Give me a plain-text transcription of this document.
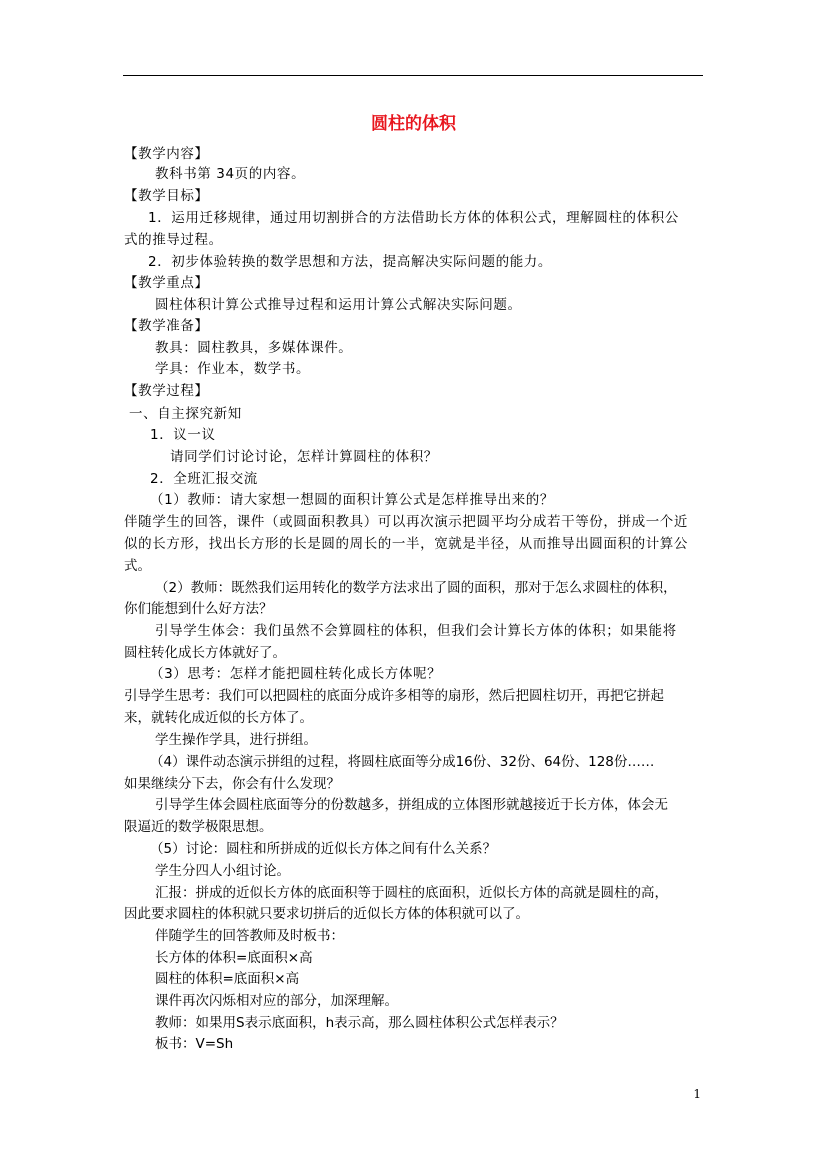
圆柱的体积
【教学内容】
教科书第 34页的内容。
【教学目标】
1．运用迁移规律，通过用切割拼合的方法借助长方体的体积公式，理解圆柱的体积公
式的推导过程。
2．初步体验转换的数学思想和方法，提高解决实际问题的能力。
【教学重点】
圆柱体积计算公式推导过程和运用计算公式解决实际问题。
【教学准备】
教具：圆柱教具，多媒体课件。
学具：作业本，数学书。
【教学过程】
一、自主探究新知
1．议一议
请同学们讨论讨论，怎样计算圆柱的体积？
2．全班汇报交流
（1）教师：请大家想一想圆的面积计算公式是怎样推导出来的？
伴随学生的回答，课件（或圆面积教具）可以再次演示把圆平均分成若干等份，拼成一个近
似的长方形，找出长方形的长是圆的周长的一半，宽就是半径，从而推导出圆面积的计算公
式。
（2）教师：既然我们运用转化的数学方法求出了圆的面积，那对于怎么求圆柱的体积，
你们能想到什么好方法？
引导学生体会：我们虽然不会算圆柱的体积，但我们会计算长方体的体积；如果能将
圆柱转化成长方体就好了。
（3）思考：怎样才能把圆柱转化成长方体呢？
引导学生思考：我们可以把圆柱的底面分成许多相等的扇形，然后把圆柱切开，再把它拼起
来，就转化成近似的长方体了。
学生操作学具，进行拼组。
（4）课件动态演示拼组的过程，将圆柱底面等分成16份、32份、64份、128份……
如果继续分下去，你会有什么发现？
引导学生体会圆柱底面等分的份数越多，拼组成的立体图形就越接近于长方体，体会无
限逼近的数学极限思想。
（5）讨论：圆柱和所拼成的近似长方体之间有什么关系？
学生分四人小组讨论。
汇报：拼成的近似长方体的底面积等于圆柱的底面积，近似长方体的高就是圆柱的高，
因此要求圆柱的体积就只要求切拼后的近似长方体的体积就可以了。
伴随学生的回答教师及时板书：
长方体的体积=底面积×高
圆柱的体积=底面积×高
课件再次闪烁相对应的部分，加深理解。
教师：如果用S表示底面积，h表示高，那么圆柱体积公式怎样表示？
板书：V=Sh
1
